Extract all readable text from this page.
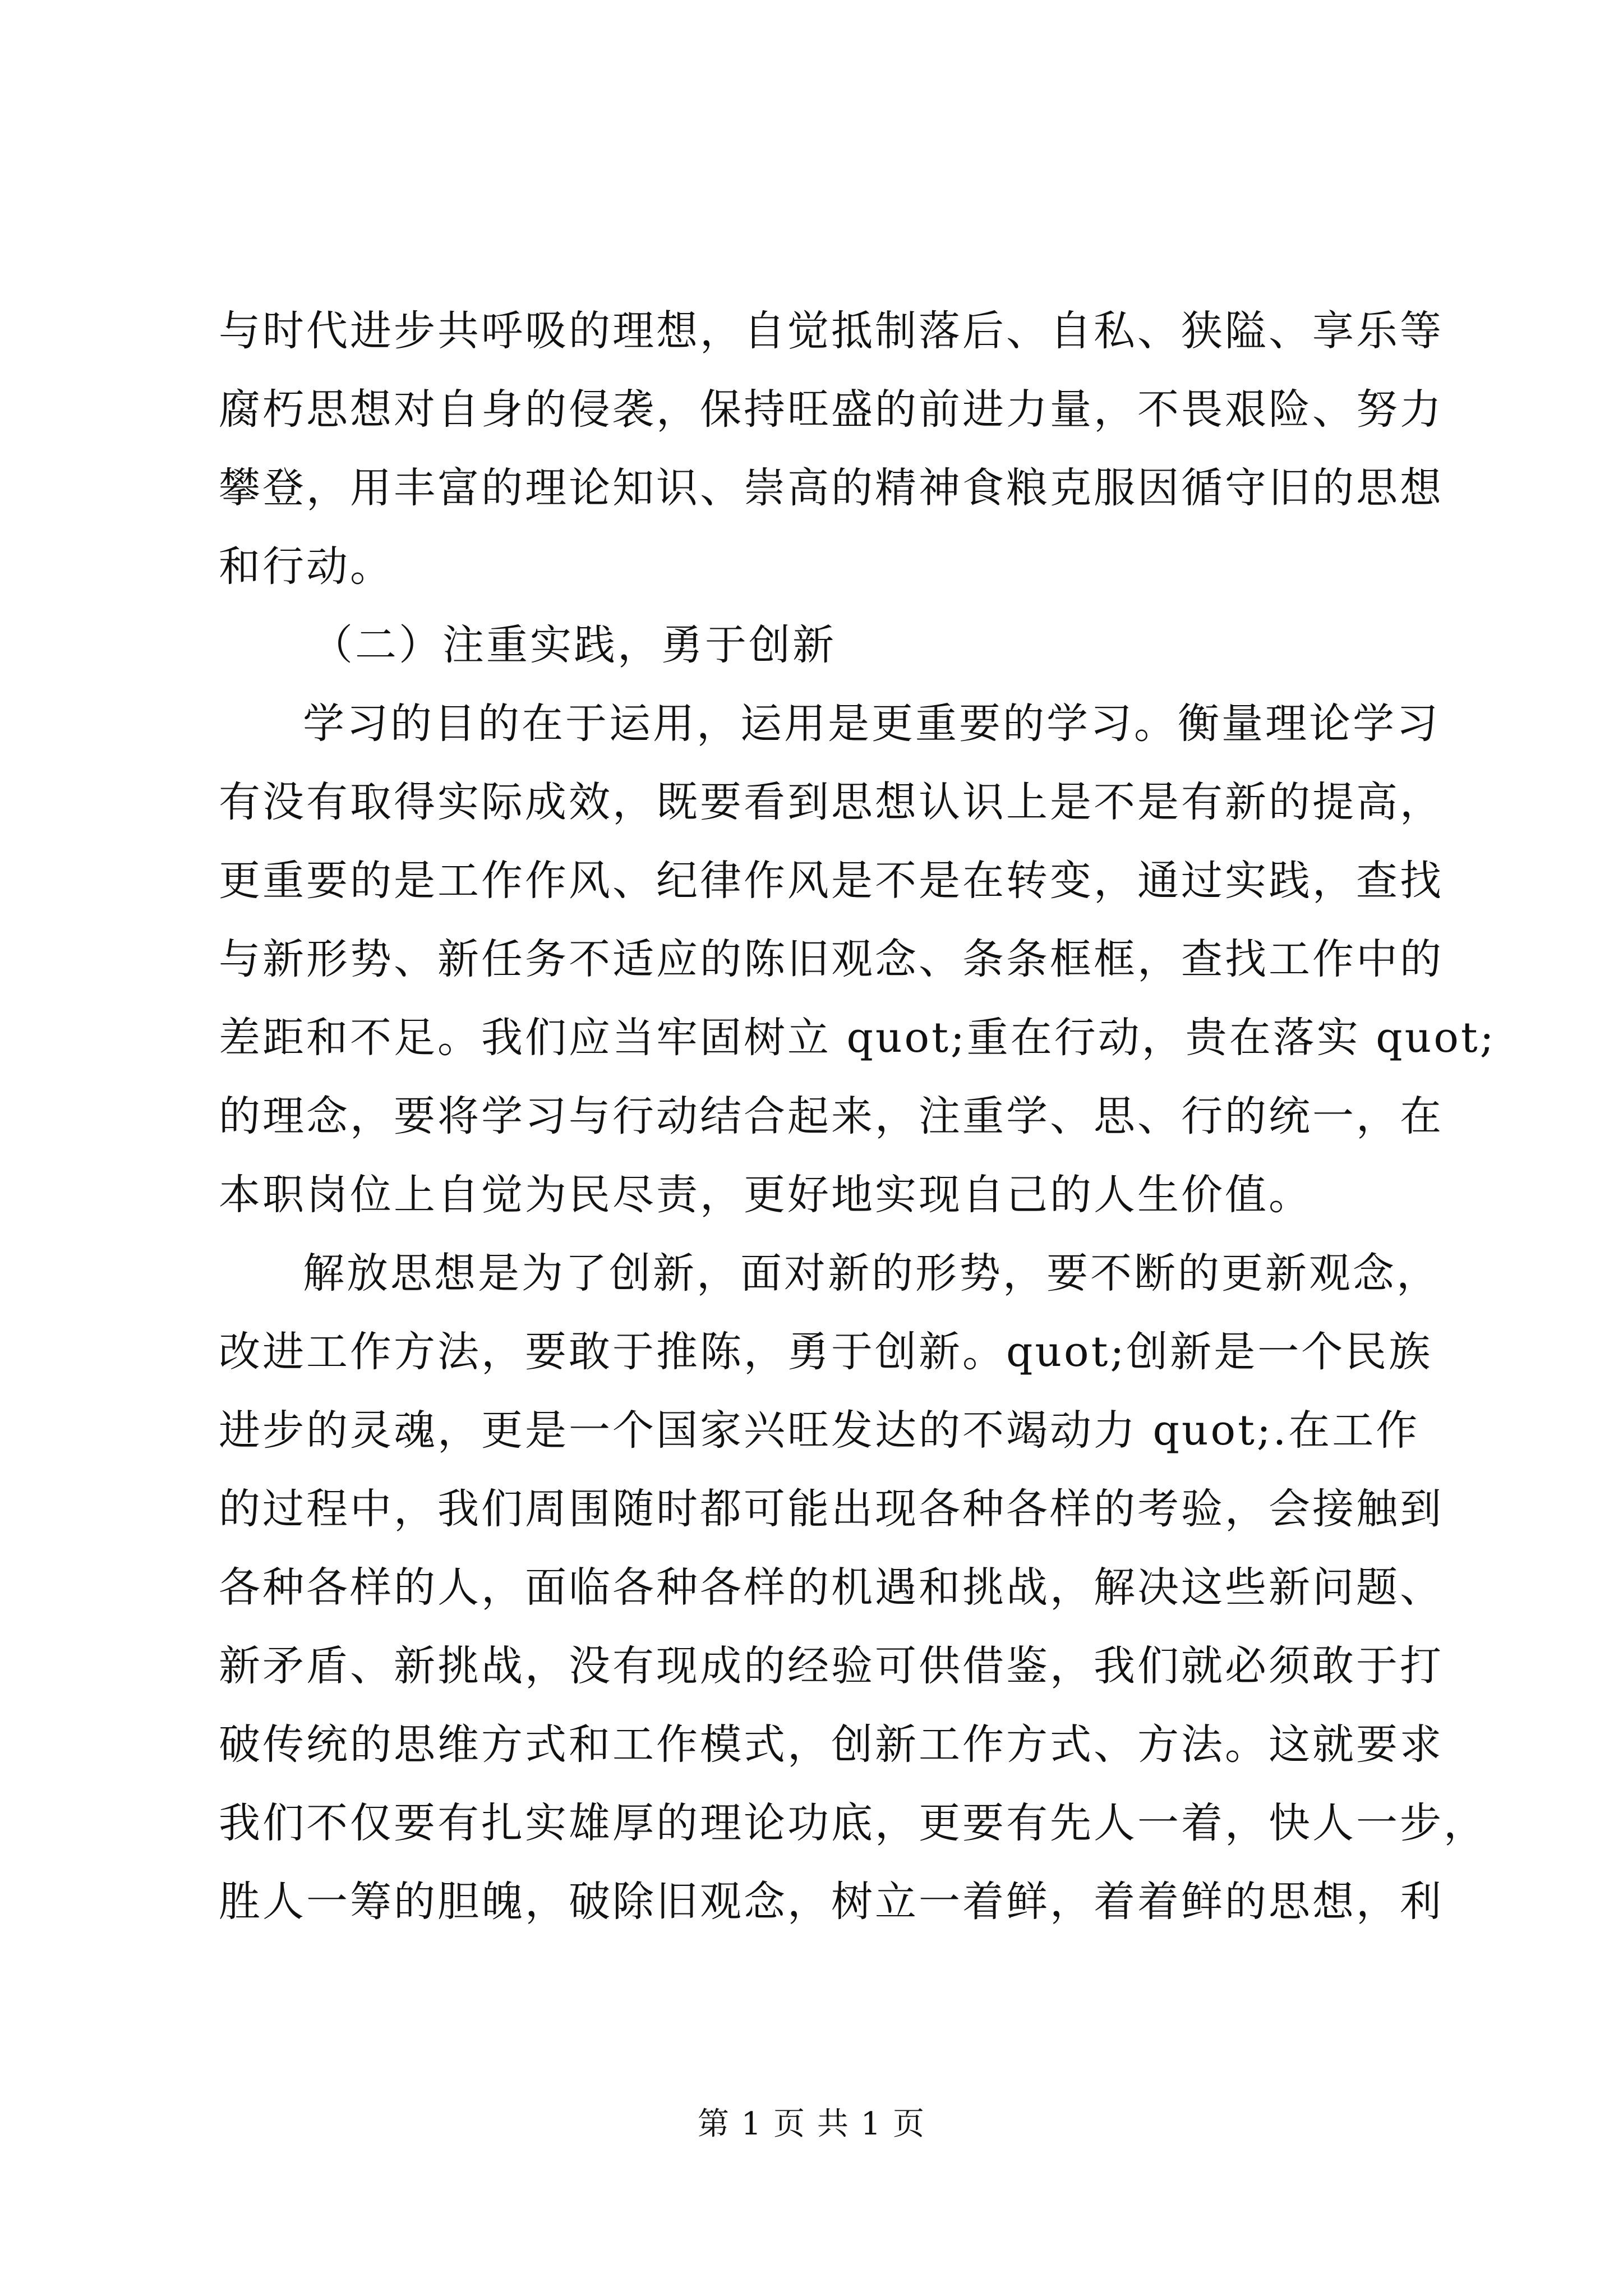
与时代进步共呼吸的理想，自觉抵制落后、自私、狭隘、享乐等
腐朽思想对自身的侵袭，保持旺盛的前进力量，不畏艰险、努力
攀登，用丰富的理论知识、崇高的精神食粮克服因循守旧的思想
和行动。
（二）注重实践，勇于创新
学习的目的在于运用，运用是更重要的学习。衡量理论学习
有没有取得实际成效，既要看到思想认识上是不是有新的提高，
更重要的是工作作风、纪律作风是不是在转变，通过实践，查找
与新形势、新任务不适应的陈旧观念、条条框框，查找工作中的
差距和不足。我们应当牢固树立 quot;重在行动，贵在落实 quot;
的理念，要将学习与行动结合起来，注重学、思、行的统一，在
本职岗位上自觉为民尽责，更好地实现自己的人生价值。
解放思想是为了创新，面对新的形势，要不断的更新观念，
改进工作方法，要敢于推陈，勇于创新。quot;创新是一个民族
进步的灵魂，更是一个国家兴旺发达的不竭动力 quot;.在工作
的过程中，我们周围随时都可能出现各种各样的考验，会接触到
各种各样的人，面临各种各样的机遇和挑战，解决这些新问题、
新矛盾、新挑战，没有现成的经验可供借鉴，我们就必须敢于打
破传统的思维方式和工作模式，创新工作方式、方法。这就要求
我们不仅要有扎实雄厚的理论功底，更要有先人一着，快人一步，
胜人一筹的胆魄，破除旧观念，树立一着鲜，着着鲜的思想，利
第 1 页 共 1 页
